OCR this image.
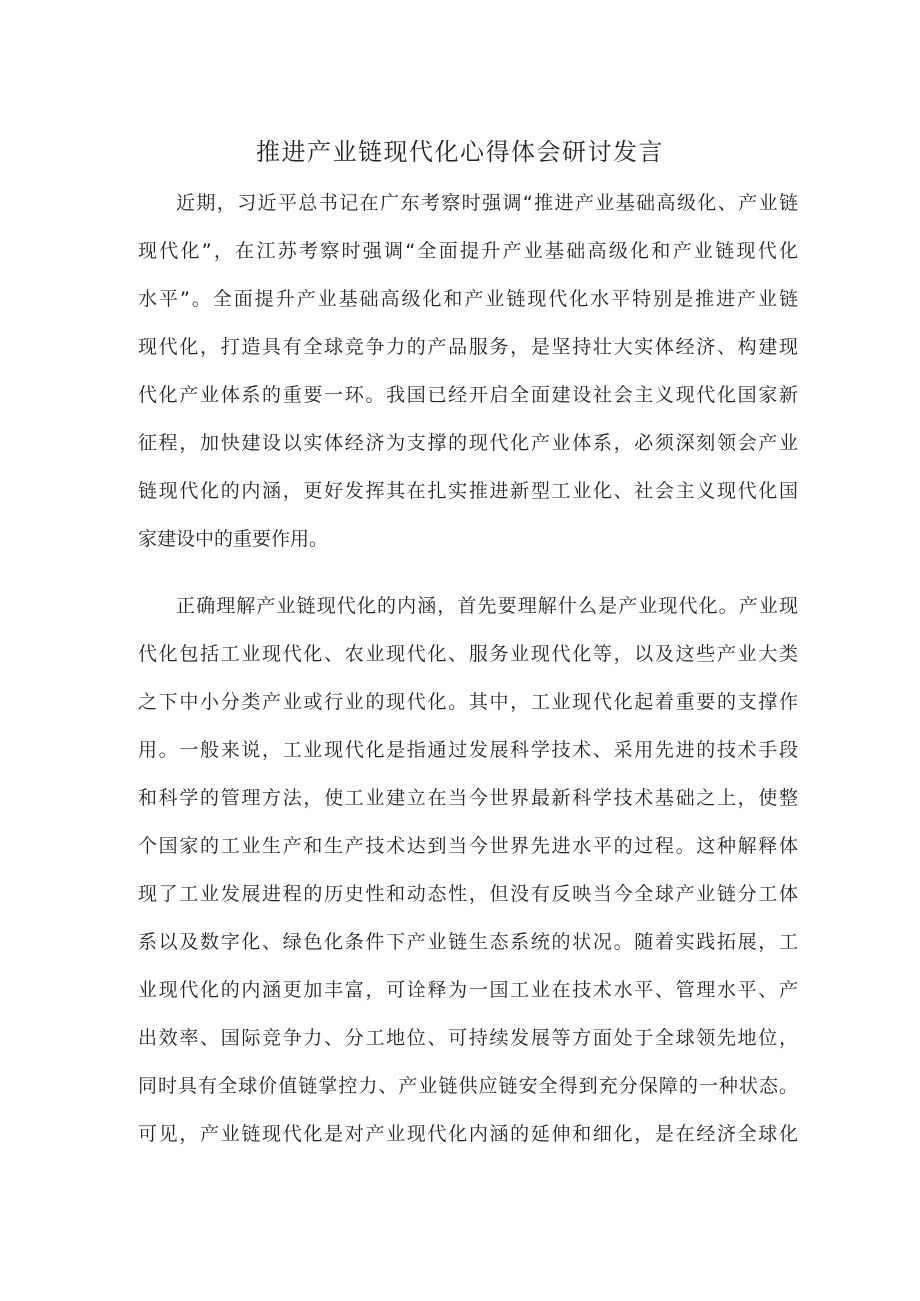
推进产业链现代化心得体会研讨发言
近期，习近平总书记在广东考察时强调“推进产业基础高级化、产业链
现代化”，在江苏考察时强调“全面提升产业基础高级化和产业链现代化
水平”。全面提升产业基础高级化和产业链现代化水平特别是推进产业链
现代化，打造具有全球竞争力的产品服务，是坚持壮大实体经济、构建现
代化产业体系的重要一环。我国已经开启全面建设社会主义现代化国家新
征程，加快建设以实体经济为支撑的现代化产业体系，必须深刻领会产业
链现代化的内涵，更好发挥其在扎实推进新型工业化、社会主义现代化国
家建设中的重要作用。
正确理解产业链现代化的内涵，首先要理解什么是产业现代化。产业现
代化包括工业现代化、农业现代化、服务业现代化等，以及这些产业大类
之下中小分类产业或行业的现代化。其中，工业现代化起着重要的支撑作
用。一般来说，工业现代化是指通过发展科学技术、采用先进的技术手段
和科学的管理方法，使工业建立在当今世界最新科学技术基础之上，使整
个国家的工业生产和生产技术达到当今世界先进水平的过程。这种解释体
现了工业发展进程的历史性和动态性，但没有反映当今全球产业链分工体
系以及数字化、绿色化条件下产业链生态系统的状况。随着实践拓展，工
业现代化的内涵更加丰富，可诠释为一国工业在技术水平、管理水平、产
出效率、国际竞争力、分工地位、可持续发展等方面处于全球领先地位，
同时具有全球价值链掌控力、产业链供应链安全得到充分保障的一种状态。
可见，产业链现代化是对产业现代化内涵的延伸和细化，是在经济全球化
